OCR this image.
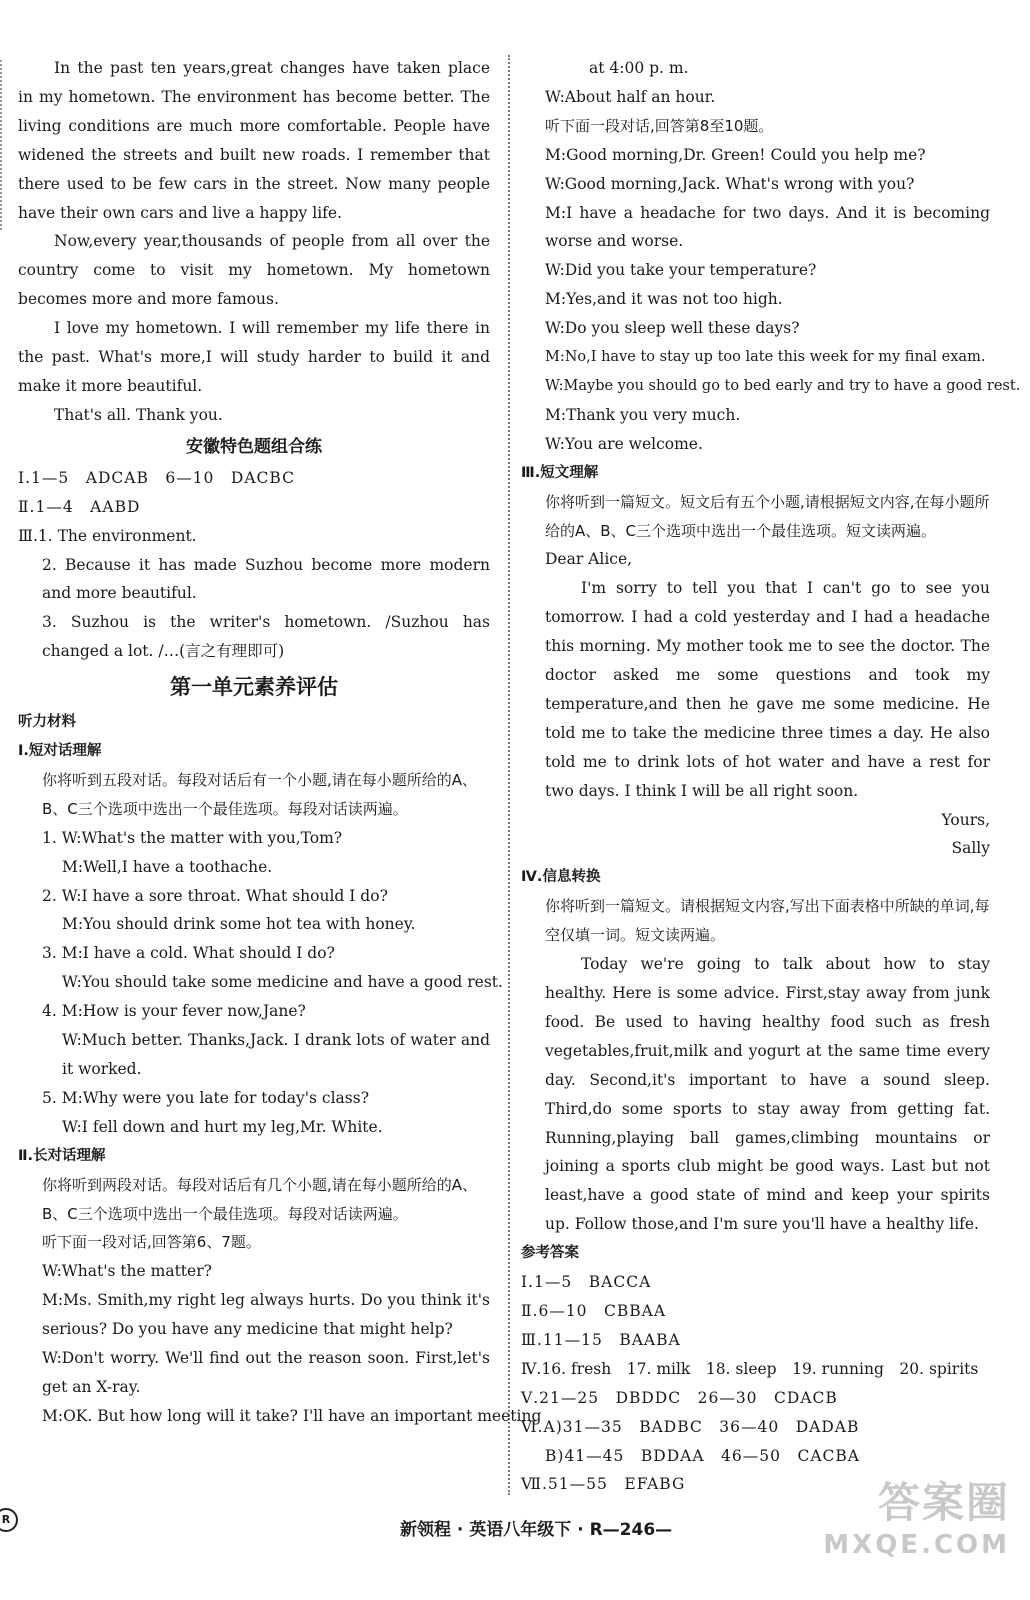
In the past ten years,great changes have taken place in my hometown. The environment has become better. The living conditions are much more comfortable. People have widened the streets and built new roads. I remember that there used to be few cars in the street. Now many people have their own cars and live a happy life.

Now,every year,thousands of people from all over the country come to visit my hometown. My hometown becomes more and more famous.

I love my hometown. I will remember my life there in the past. What's more,I will study harder to build it and make it more beautiful.

That's all. Thank you.

安徽特色题组合练
Ⅰ.1—5　ADCAB　6—10　DACBC
Ⅱ.1—4　AABD
Ⅲ.1. The environment.
2. Because it has made Suzhou become more modern and more beautiful.
3. Suzhou is the writer's hometown. /Suzhou has changed a lot. /…(言之有理即可)
第一单元素养评估
听力材料
Ⅰ.短对话理解
你将听到五段对话。每段对话后有一个小题,请在每小题所给的A、B、C三个选项中选出一个最佳选项。每段对话读两遍。
1. W:What's the matter with you,Tom?
M:Well,I have a toothache.
2. W:I have a sore throat. What should I do?
M:You should drink some hot tea with honey.
3. M:I have a cold. What should I do?
W:You should take some medicine and have a good rest.
4. M:How is your fever now,Jane?
W:Much better. Thanks,Jack. I drank lots of water and it worked.
5. M:Why were you late for today's class?
W:I fell down and hurt my leg,Mr. White.
Ⅱ.长对话理解
你将听到两段对话。每段对话后有几个小题,请在每小题所给的A、B、C三个选项中选出一个最佳选项。每段对话读两遍。
听下面一段对话,回答第6、7题。
W:What's the matter?
M:Ms. Smith,my right leg always hurts. Do you think it's serious? Do you have any medicine that might help?
W:Don't worry. We'll find out the reason soon. First,let's get an X-ray.
M:OK. But how long will it take? I'll have an important meeting
at 4:00 p. m.
W:About half an hour.
听下面一段对话,回答第8至10题。
M:Good morning,Dr. Green! Could you help me?
W:Good morning,Jack. What's wrong with you?
M:I have a headache for two days. And it is becoming worse and worse.
W:Did you take your temperature?
M:Yes,and it was not too high.
W:Do you sleep well these days?
M:No,I have to stay up too late this week for my final exam.
W:Maybe you should go to bed early and try to have a good rest.
M:Thank you very much.
W:You are welcome.
Ⅲ.短文理解
你将听到一篇短文。短文后有五个小题,请根据短文内容,在每小题所给的A、B、C三个选项中选出一个最佳选项。短文读两遍。
Dear Alice,
I'm sorry to tell you that I can't go to see you tomorrow. I had a cold yesterday and I had a headache this morning. My mother took me to see the doctor. The doctor asked me some questions and took my temperature,and then he gave me some medicine. He told me to take the medicine three times a day. He also told me to drink lots of hot water and have a rest for two days. I think I will be all right soon.
Yours,
Sally
Ⅳ.信息转换
你将听到一篇短文。请根据短文内容,写出下面表格中所缺的单词,每空仅填一词。短文读两遍。
Today we're going to talk about how to stay healthy. Here is some advice. First,stay away from junk food. Be used to having healthy food such as fresh vegetables,fruit,milk and yogurt at the same time every day. Second,it's important to have a sound sleep. Third,do some sports to stay away from getting fat. Running,playing ball games,climbing mountains or joining a sports club might be good ways. Last but not least,have a good state of mind and keep your spirits up. Follow those,and I'm sure you'll have a healthy life.
参考答案
Ⅰ.1—5　BACCA
Ⅱ.6—10　CBBAA
Ⅲ.11—15　BAABA
Ⅳ.16. fresh　17. milk　18. sleep　19. running　20. spirits
Ⅴ.21—25　DBDDC　26—30　CDACB
Ⅵ.A)31—35　BADBC　36—40　DADAB
B)41—45　BDDAA　46—50　CACBA
Ⅶ.51—55　EFABG
R
新领程 · 英语八年级下 · R—246—
答案圈
MXQE.COM
